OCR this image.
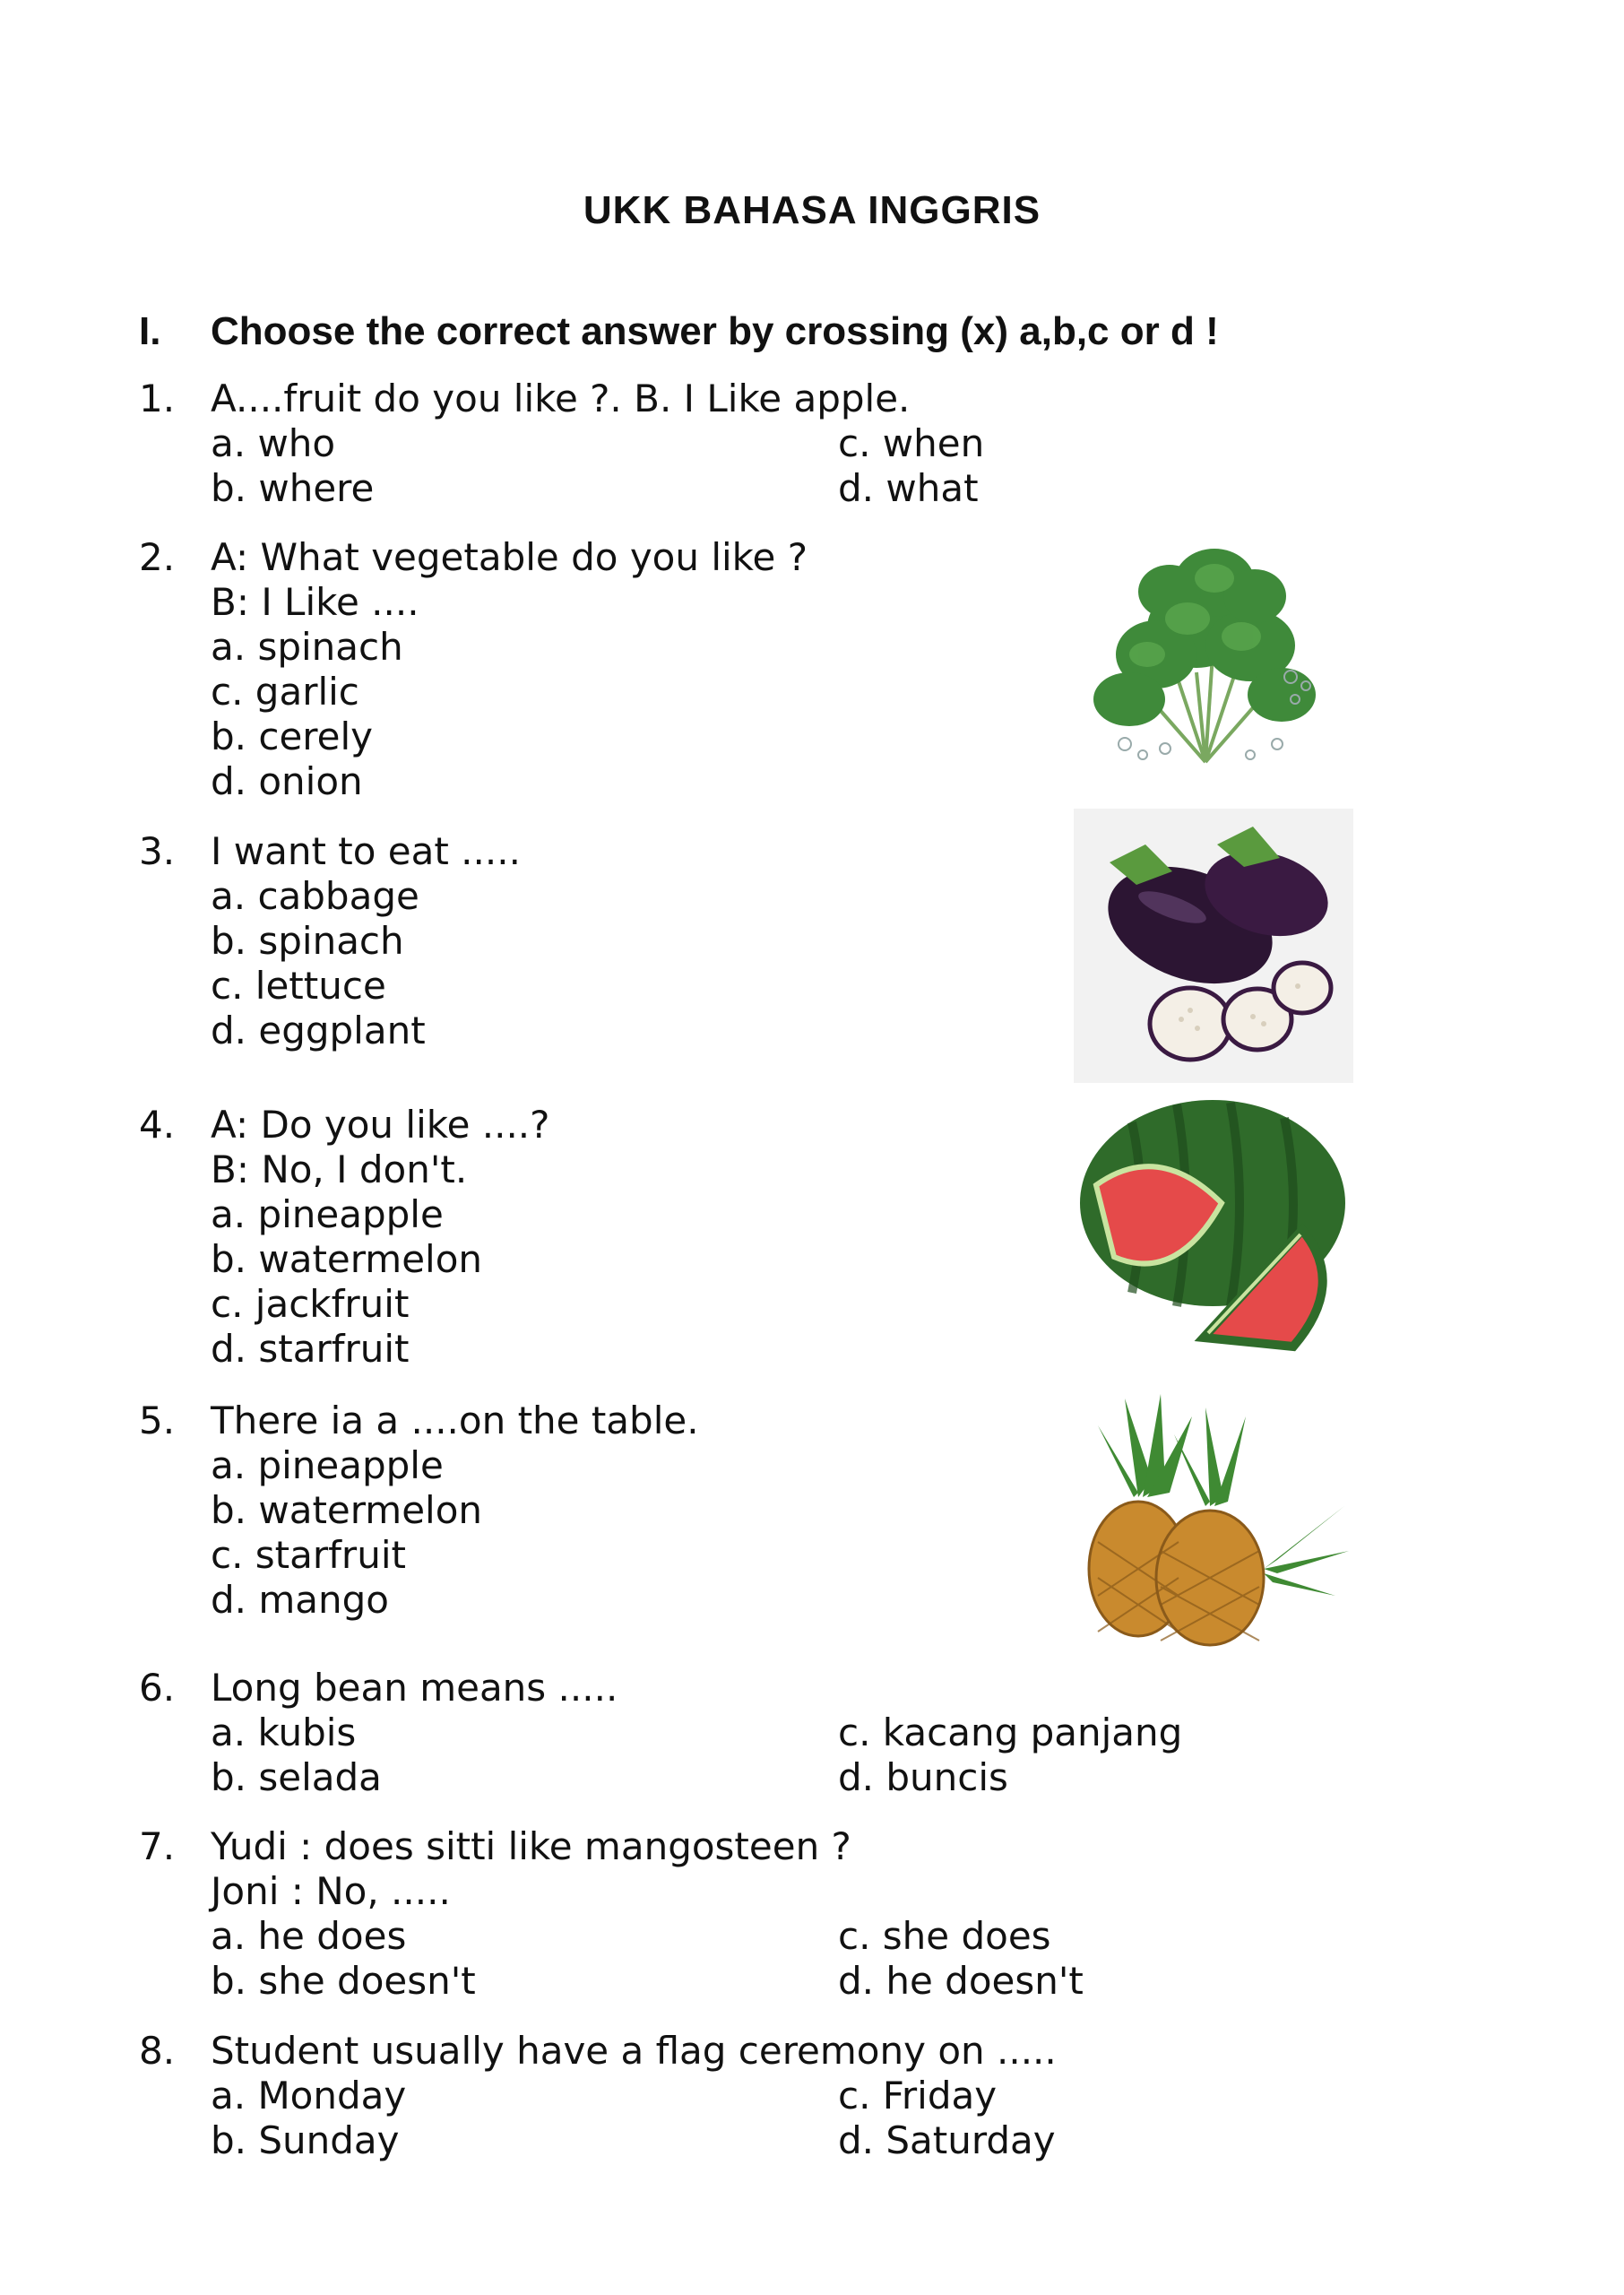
UKK BAHASA INGGRIS
I. Choose the correct answer by crossing (x) a,b,c or d !
1. A....fruit do you like ?. B. I Like apple.
a. who
b. where
c. when
d. what
2. A: What vegetable do you like ?
B: I Like ....
a. spinach
c. garlic
b. cerely
d. onion
3. I want to eat .....
a. cabbage
b. spinach
c. lettuce
d. eggplant
4. A: Do you like ....?
B: No, I don't.
a. pineapple
b. watermelon
c. jackfruit
d. starfruit
5. There ia a ....on the table.
a. pineapple
b. watermelon
c. starfruit
d. mango
6. Long bean means .....
a. kubis
b. selada
c. kacang panjang
d. buncis
7. Yudi : does sitti like mangosteen ?
Joni : No, .....
a. he does
b. she doesn't
c. she does
d. he doesn't
8. Student usually have a flag ceremony on .....
a. Monday
b. Sunday
c. Friday
d. Saturday
